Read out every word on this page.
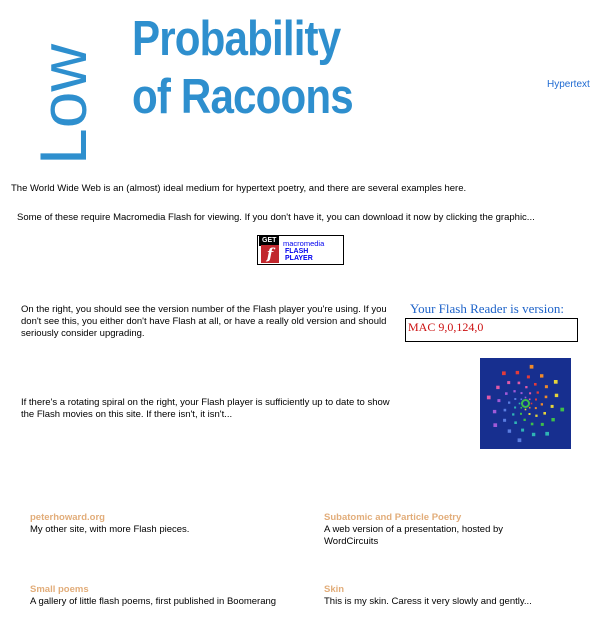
Low
Probability
of Racoons	Hypertext
The World Wide Web is an (almost) ideal medium for hypertext poetry, and there are several examples here.
Some of these require Macromedia Flash for viewing. If you don't have it, you can download it now by clicking the graphic...
GET
f
macromedia
FLASH
PLAYER
On the right, you should see the version number of the Flash player you're using. If you don't see this, you either don't have Flash at all, or have a really old version and should seriously consider upgrading.
Your Flash Reader is version:
MAC 9,0,124,0
If there's a rotating spiral on the right, your Flash player is sufficiently up to date to show the Flash movies on this site. If there isn't, it isn't...
peterhoward.org
My other site, with more Flash pieces.
Subatomic and Particle Poetry
A web version of a presentation, hosted by WordCircuits
Small poems
A gallery of little flash poems, first published in Boomerang
Skin
This is my skin. Caress it very slowly and gently...
